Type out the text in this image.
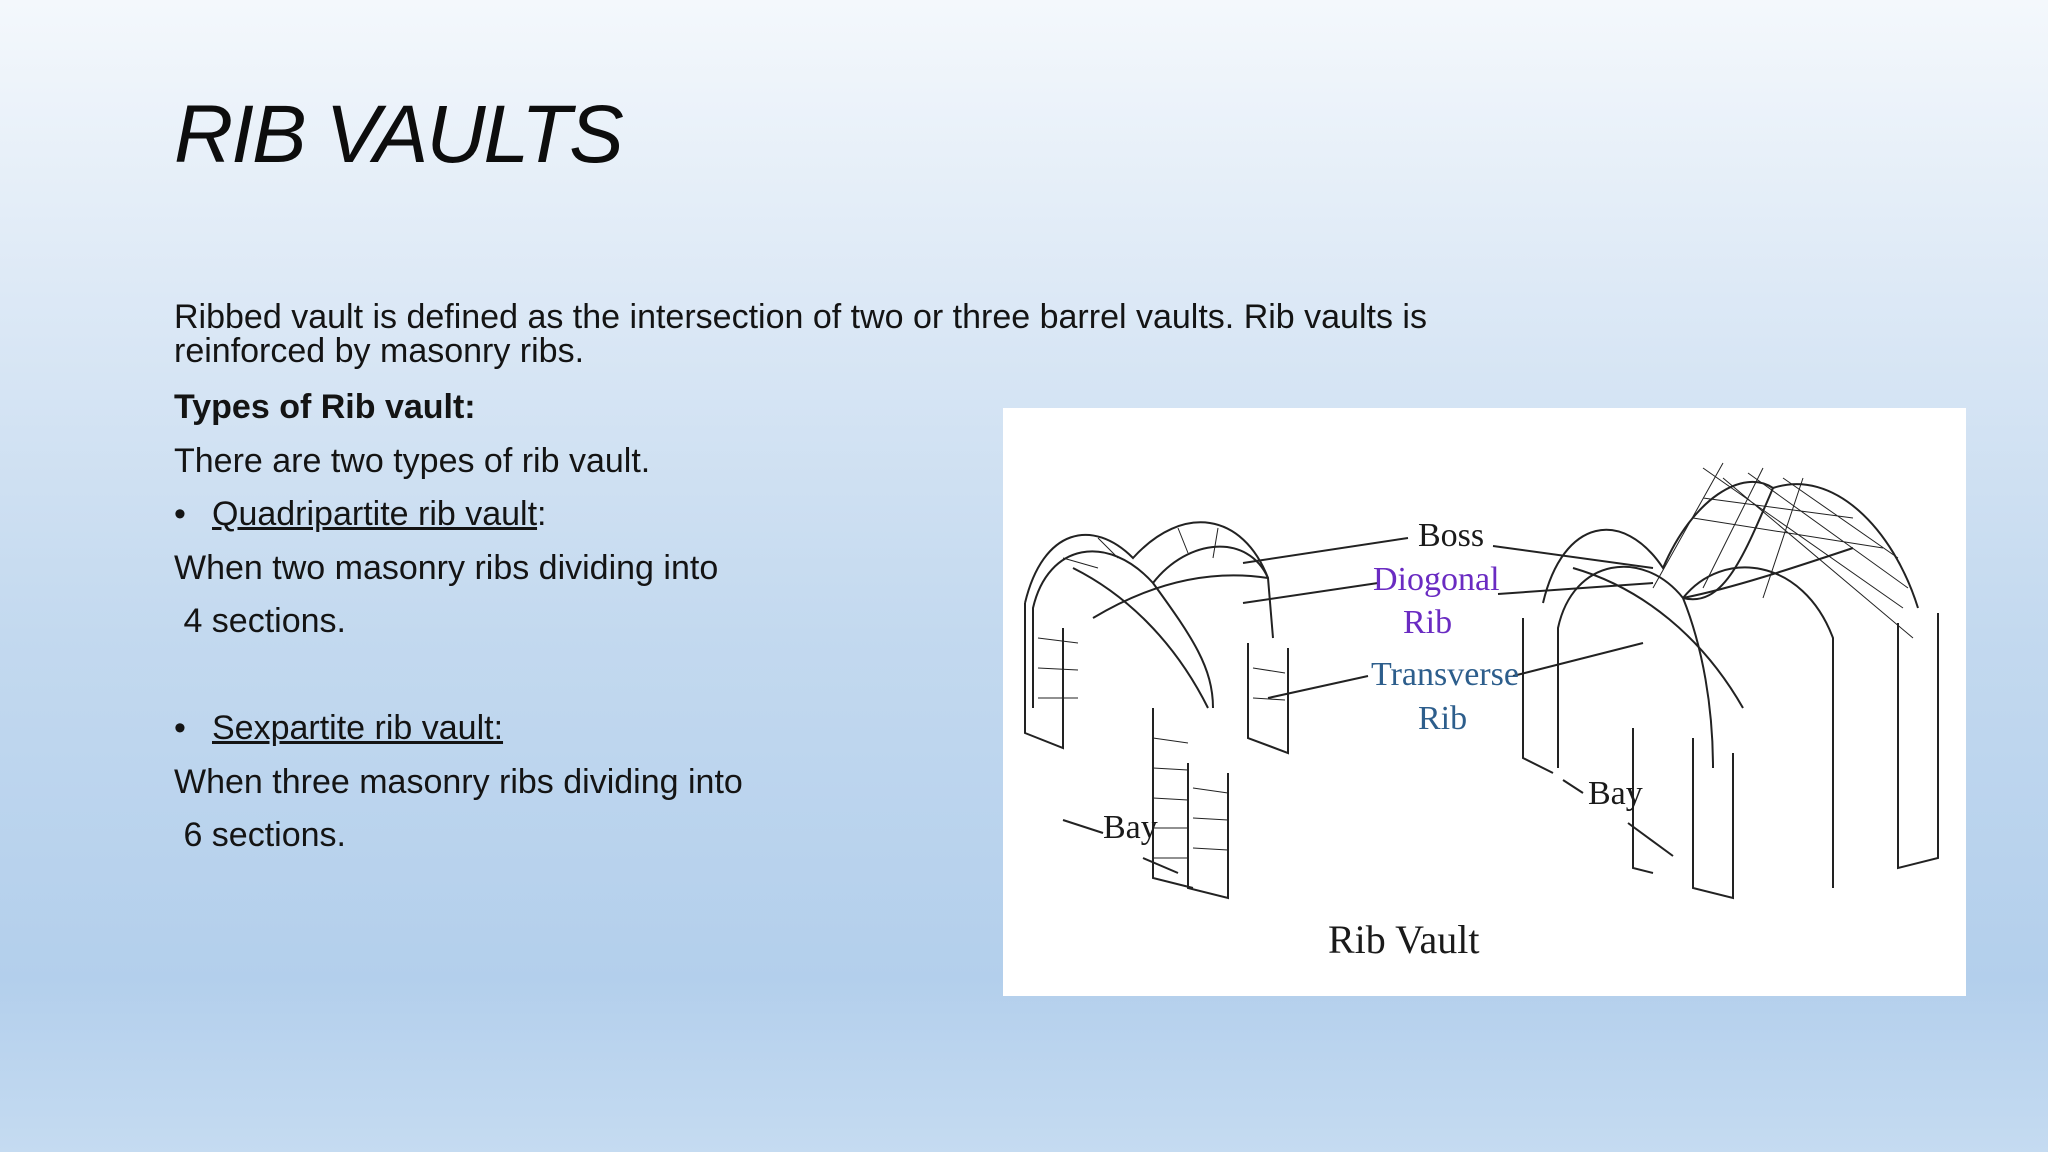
RIB VAULTS
Ribbed vault is defined as the intersection of two or three barrel vaults. Rib vaults is reinforced by masonry ribs.
Types of Rib vault:
There are two types of rib vault.
• Quadripartite rib vault :
When two masonry ribs dividing into
4 sections.
• Sexpartite rib vault:
When three masonry ribs dividing into
6 sections.
Boss
Diogonal
Rib
Transverse
Rib
Bay
Bay
Rib Vault
